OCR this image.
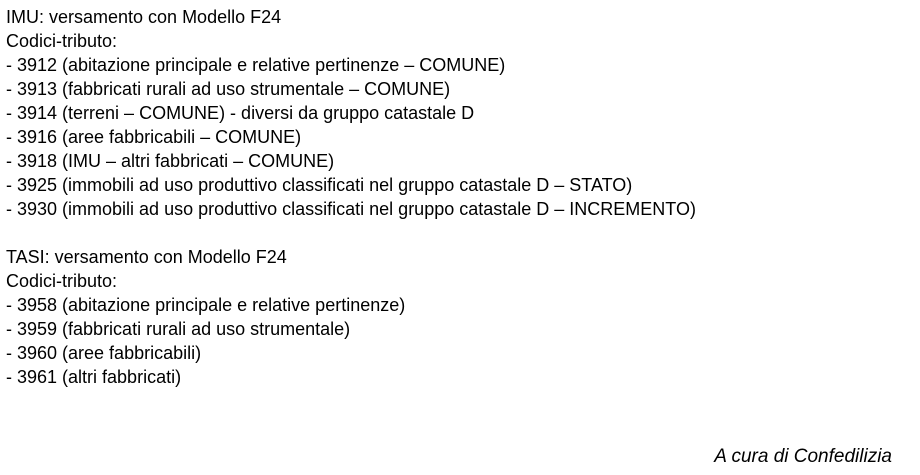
IMU: versamento con Modello F24
Codici-tributo:
- 3912 (abitazione principale e relative pertinenze – COMUNE)
- 3913 (fabbricati rurali ad uso strumentale – COMUNE)
- 3914 (terreni – COMUNE) - diversi da gruppo catastale D
- 3916 (aree fabbricabili – COMUNE)
- 3918 (IMU – altri fabbricati – COMUNE)
- 3925 (immobili ad uso produttivo classificati nel gruppo catastale D – STATO)
- 3930 (immobili ad uso produttivo classificati nel gruppo catastale D – INCREMENTO)
TASI: versamento con Modello F24
Codici-tributo:
- 3958 (abitazione principale e relative pertinenze)
- 3959 (fabbricati rurali ad uso strumentale)
- 3960 (aree fabbricabili)
- 3961 (altri fabbricati)
A cura di Confedilizia
